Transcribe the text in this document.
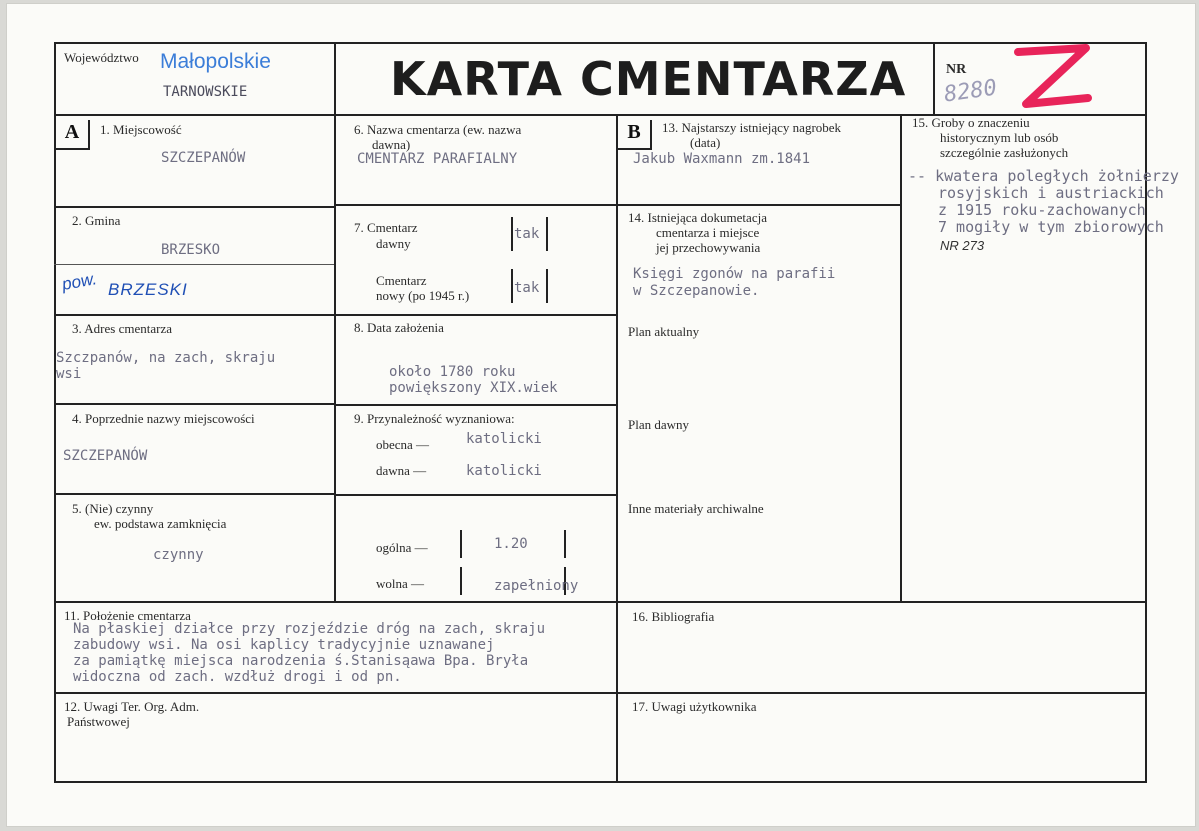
Województwo Małopolskie
TARNOWSKIE	KARTA CMENTARZA	NR
8280
A	1. Miejscowość
SZCZEPANÓW
2. Gmina
BRZESKO
pow. BRZESKI
3. Adres cmentarza
Szczpanów, na zach, skraju
wsi
4. Poprzednie nazwy miejscowości
SZCZEPANÓW
5. (Nie) czynny
ew. podstawa zamknięcia
czynny
6. Nazwa cmentarza (ew. nazwa
dawna)
CMENTARZ PARAFIALNY
7. Cmentarz
dawny
tak
Cmentarz
nowy (po 1945 r.)	tak
8. Data założenia
około 1780 roku
powiększony XIX.wiek
9. Przynależność wyznaniowa:
obecna —	katolicki
dawna —	katolicki
ogólna —	1.20
wolna —	zapełniony
B	13. Najstarszy istniejący nagrobek
(data)
Jakub Waxmann zm.1841
14. Istniejąca dokumetacja
cmentarza i miejsce
jej przechowywania
Księgi zgonów na parafii
w Szczepanowie.
Plan aktualny
Plan dawny
Inne materiały archiwalne
15. Groby o znaczeniu
historycznym lub osób
szczególnie zasłużonych
-- kwatera poległych żołnierzy
rosyjskich i austriackich
z 1915 roku-zachowanych
7 mogiły w tym zbiorowych
NR 273
11. Położenie cmentarza
Na płaskiej działce przy rozjeździe dróg na zach, skraju
zabudowy wsi. Na osi kaplicy tradycyjnie uznawanej
za pamiątkę miejsca narodzenia ś.Stanisąawa Bpa. Bryła
widoczna od zach. wzdłuż drogi i od pn.
16. Bibliografia
12. Uwagi Ter. Org. Adm.
Państwowej
17. Uwagi użytkownika
